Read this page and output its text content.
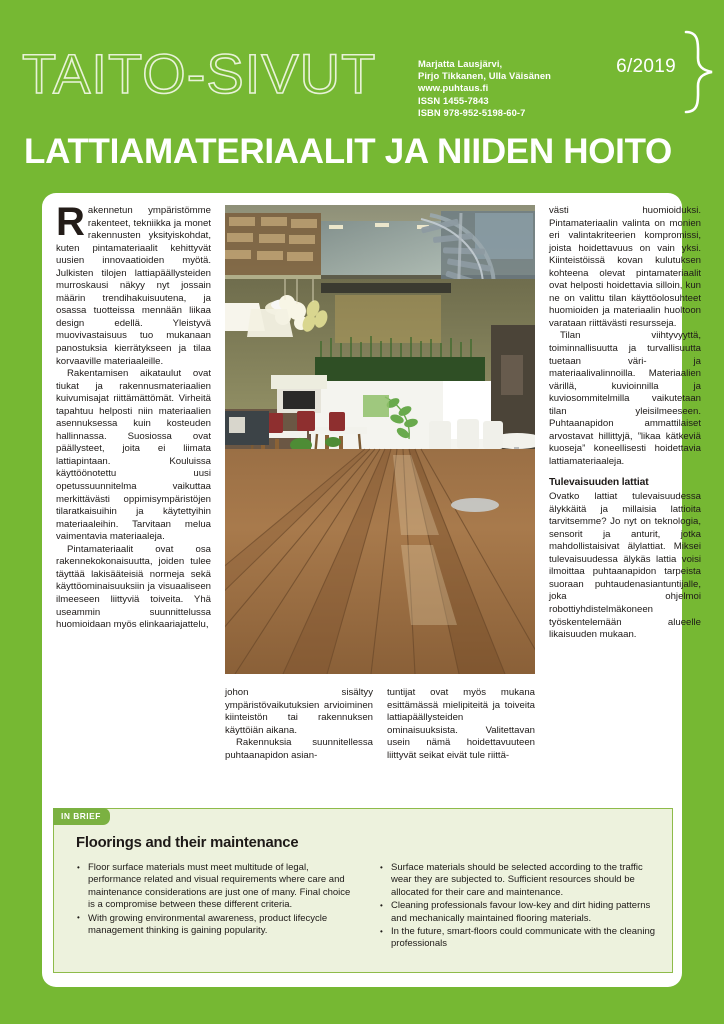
TAITO-SIVUT	Marjatta Lausjärvi,
Pirjo Tikkanen, Ulla Väisänen
www.puhtaus.fi
ISSN 1455-7843
ISBN 978-952-5198-60-7
6/2019
LATTIAMATERIAALIT JA NIIDEN HOITO

Rakennetun ympäristömme rakenteet, tekniikka ja monet rakennusten yksityiskohdat, kuten pintamateriaalit kehittyvät uusien innovaatioiden myötä. Julkisten tilojen lattiapäällysteiden murroskausi näkyy nyt jossain määrin trendihakuisuutena, ja osassa tuotteissa mennään liikaa design edellä. Yleistyvä muovivastaisuus tuo mukanaan panostuksia kierrätykseen ja tilaa korvaaville materiaaleille.

Rakentamisen aikataulut ovat tiukat ja rakennusmateriaalien kuivumisajat riittämättömät. Virheitä tapahtuu helposti niin materiaalien asennuksessa kuin kosteuden hallinnassa. Suosiossa ovat päällysteet, joita ei liimata lattiapintaan. Kouluissa käyttöönotettu uusi opetussuunnitelma vaikuttaa merkittävästi oppimisympäristöjen tilaratkaisuihin ja käytettyihin materiaaleihin. Tarvitaan melua vaimentavia materiaaleja.

Pintamateriaalit ovat osa rakennekokonaisuutta, joiden tulee täyttää lakisääteisiä normeja sekä käyttöominaisuuksiin ja visuaaliseen ilmeeseen liittyviä toiveita. Yhä useammin suunnittelussa huomioidaan myös elinkaariajattelu,

johon sisältyy ympäristövaikutuksien arvioiminen kiinteistön tai rakennuksen käyttöiän aikana.

Rakennuksia suunnitellessa puhtaanapidon asian-

tuntijat ovat myös mukana esittämässä mielipiteitä ja toiveita lattiapäällysteiden ominaisuuksista. Valitettavan usein nämä hoidettavuuteen liittyvät seikat eivät tule riittä-

västi huomioiduksi. Pintamateriaalin valinta on monien eri valintakriteerien kompromissi, joista hoidettavuus on vain yksi. Kiinteistöissä kovan kulutuksen kohteena olevat pintamateriaalit ovat helposti hoidettavia silloin, kun ne on valittu tilan käyttöolosuhteet huomioiden ja materiaalin huoltoon varataan riittävästi resursseja.

Tilan viihtyvyyttä, toiminnallisuutta ja turvallisuutta tuetaan väri- ja materiaalivalinnoilla. Materiaalien värillä, kuvioinnilla ja kuviosommitelmilla vaikutetaan tilan yleisilmeeseen. Puhtaanapidon ammattilaiset arvostavat hillittyjä, ”likaa kätkeviä kuoseja” koneellisesti hoidettavia lattiamateriaaleja.

Tulevaisuuden lattiat

Ovatko lattiat tulevaisuudessa älykkäitä ja millaisia lattioita tarvitsemme? Jo nyt on teknologia, sensorit ja anturit, jotka mahdollistaisivat älylattiat. Miksei tulevaisuudessa älykäs lattia voisi ilmoittaa puhtaanapidon tarpeista suoraan puhtaudenasiantuntijalle, joka ohjelmoi robottiyhdistelmäkoneen työskentelemään alueelle likaisuuden mukaan.

Floorings and their maintenance
• Floor surface materials must meet multitude of legal, performance related and visual requirements where care and maintenance considerations are just one of many. Final choice is a compromise between these different criteria.
• With growing environmental awareness, product lifecycle management thinking is gaining popularity.
• Surface materials should be selected according to the traffic wear they are subjected to. Sufficient resources should be allocated for their care and maintenance.
• Cleaning professionals favour low-key and dirt hiding patterns and mechanically maintained flooring materials.
• In the future, smart-floors could communicate with the cleaning professionals
IN BRIEF
